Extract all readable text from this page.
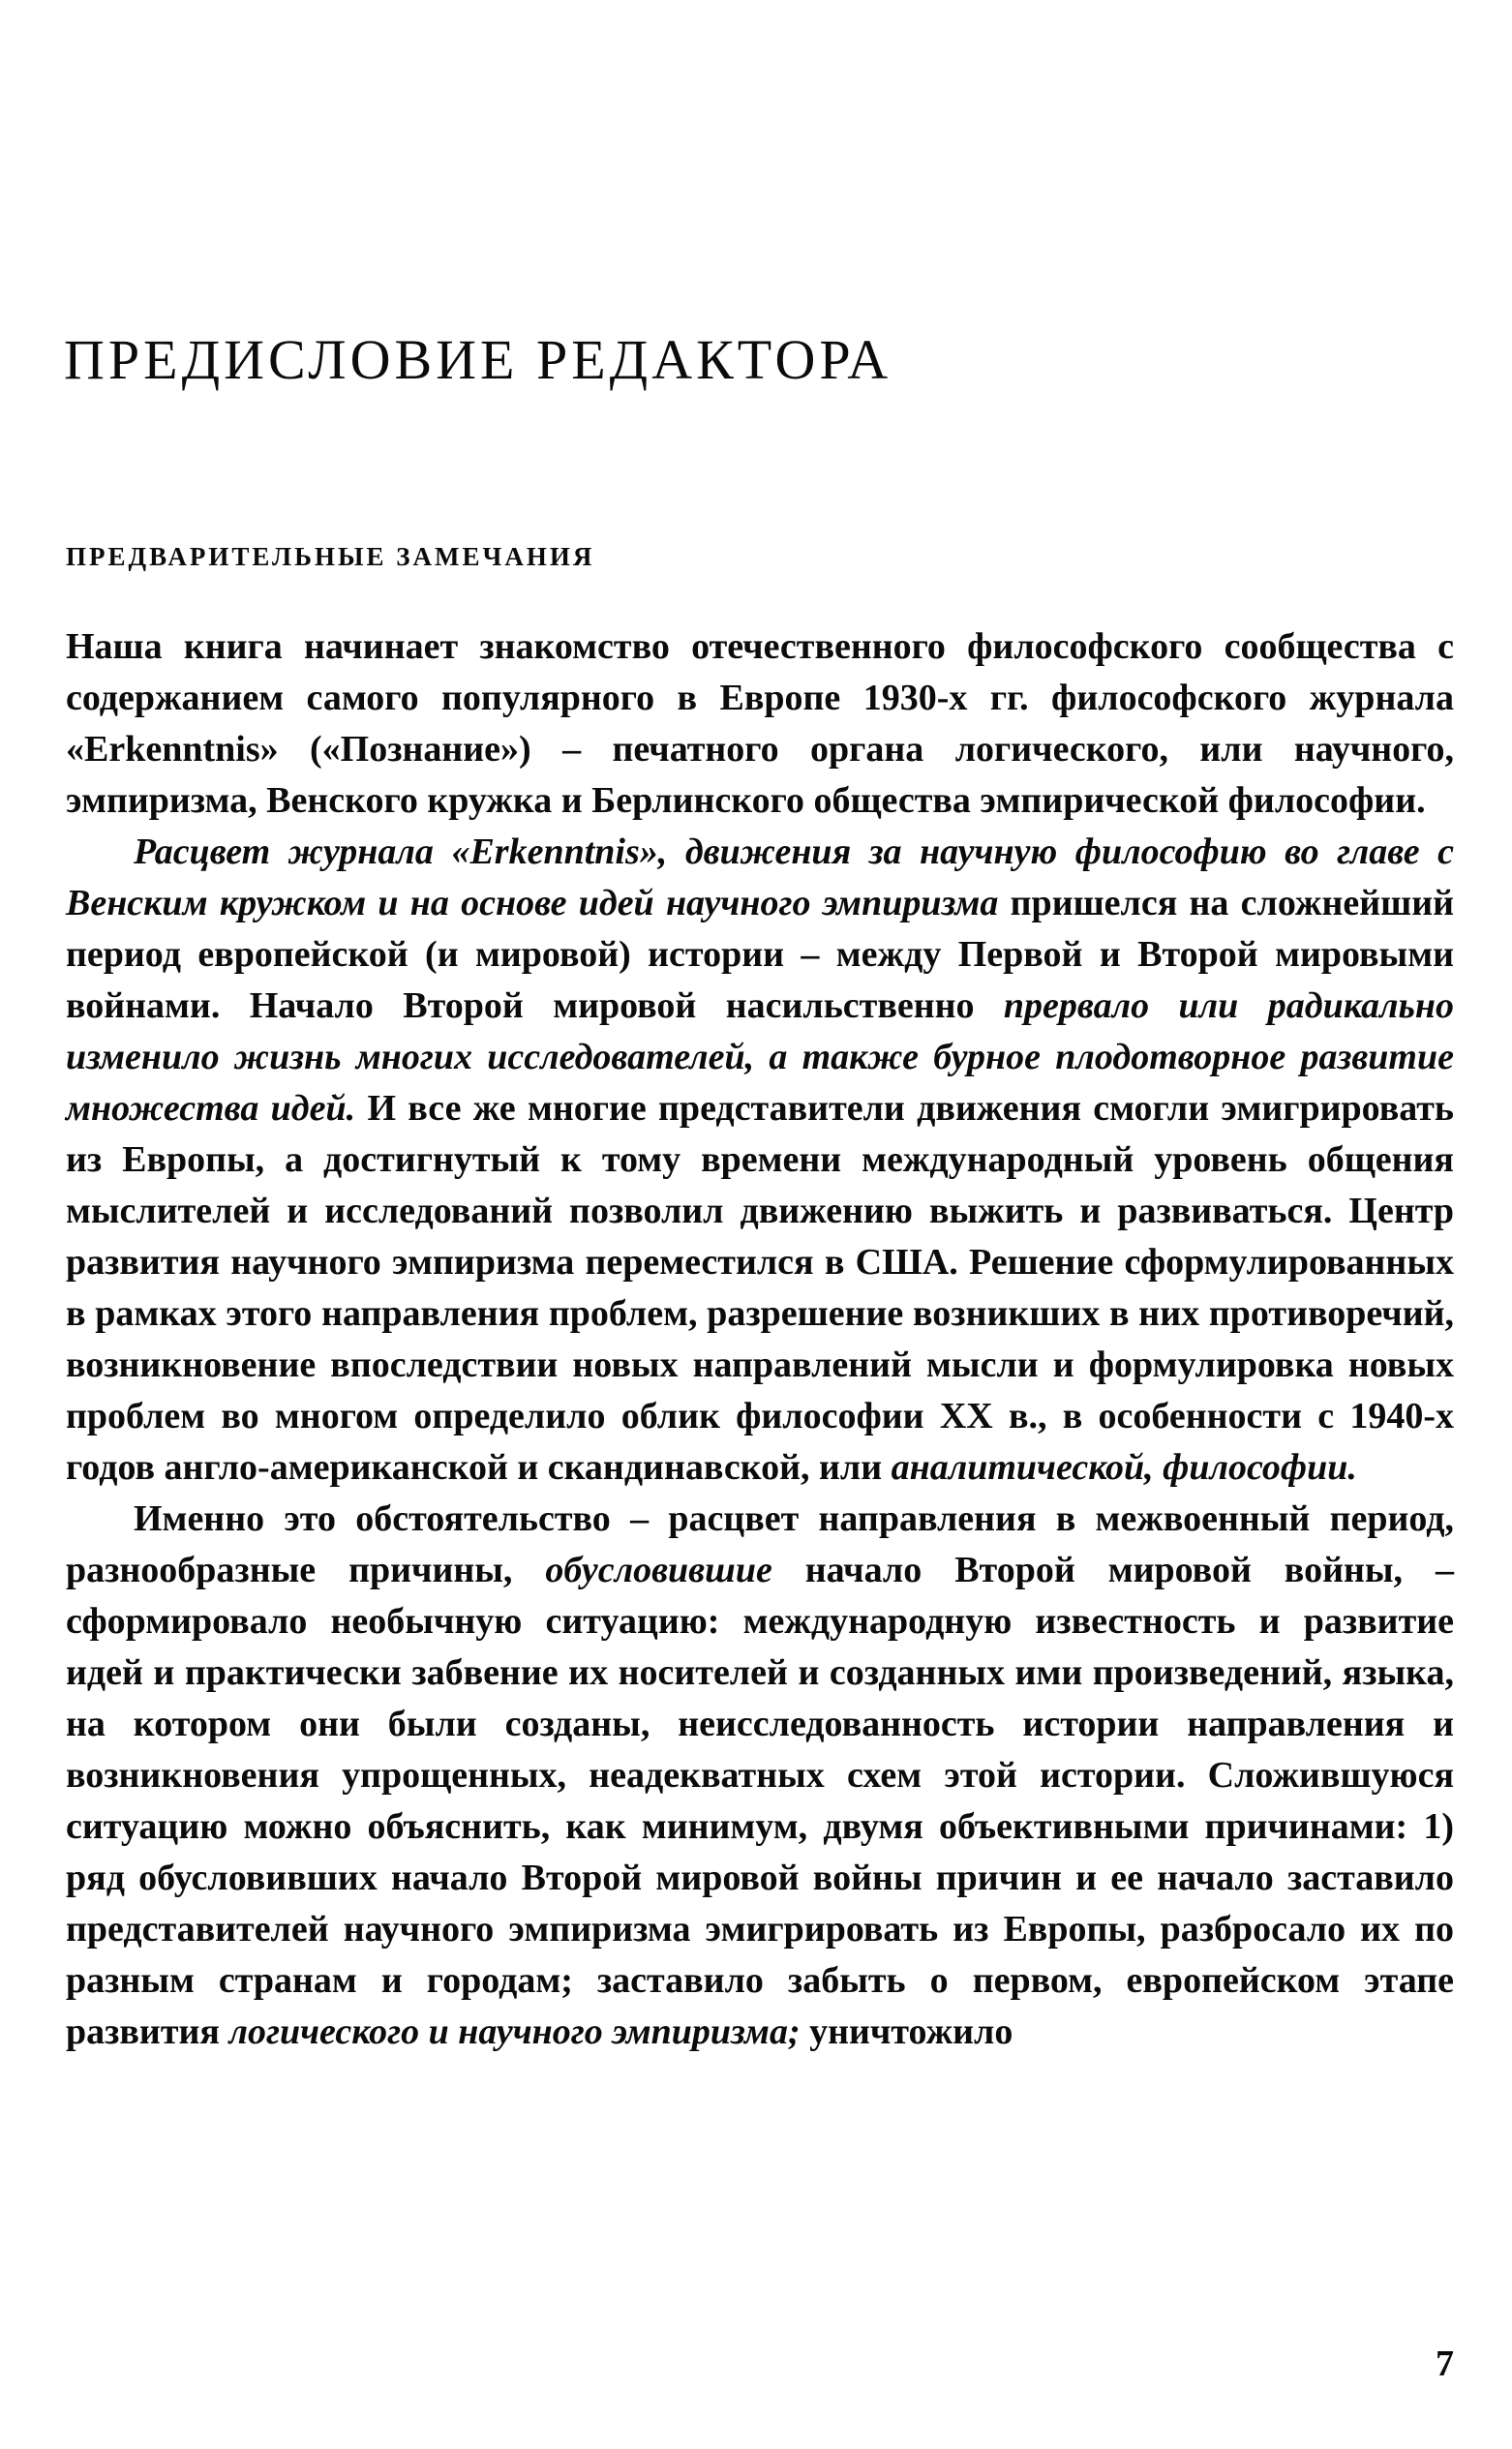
ПРЕДИСЛОВИЕ РЕДАКТОРА
ПРЕДВАРИТЕЛЬНЫЕ ЗАМЕЧАНИЯ

Наша книга начинает знакомство отечественного философского сообщества с содержанием самого популярного в Европе 1930-х гг. философского журнала «Erkenntnis» («Познание») – печатного органа логического, или научного, эмпиризма, Венского кружка и Берлинского общества эмпирической философии.

Расцвет журнала «Erkenntnis», движения за научную философию во главе с Венским кружком и на основе идей научного эмпиризма пришелся на сложнейший период европейской (и мировой) истории – между Первой и Второй мировыми войнами. Начало Второй мировой насильственно прервало или радикально изменило жизнь многих исследователей, а также бурное плодотворное развитие множества идей. И все же многие представители движения смогли эмигрировать из Европы, а достигнутый к тому времени международный уровень общения мыслителей и исследований позволил движению выжить и развиваться. Центр развития научного эмпиризма переместился в США. Решение сформулированных в рамках этого направления проблем, разрешение возникших в них противоречий, возникновение впоследствии новых направлений мысли и формулировка новых проблем во многом определило облик философии XX в., в особенности с 1940-х годов англо-американской и скандинавской, или аналитической, философии.

Именно это обстоятельство – расцвет направления в межвоенный период, разнообразные причины, обусловившие начало Второй мировой войны, – сформировало необычную ситуацию: международную известность и развитие идей и практически забвение их носителей и созданных ими произведений, языка, на котором они были созданы, неисследованность истории направления и возникновения упрощенных, неадекватных схем этой истории. Сложившуюся ситуацию можно объяснить, как минимум, двумя объективными причинами: 1) ряд обусловивших начало Второй мировой войны причин и ее начало заставило представителей научного эмпиризма эмигрировать из Европы, разбросало их по разным странам и городам; заставило забыть о первом, европейском этапе развития логического и научного эмпиризма; уничтожило

7
